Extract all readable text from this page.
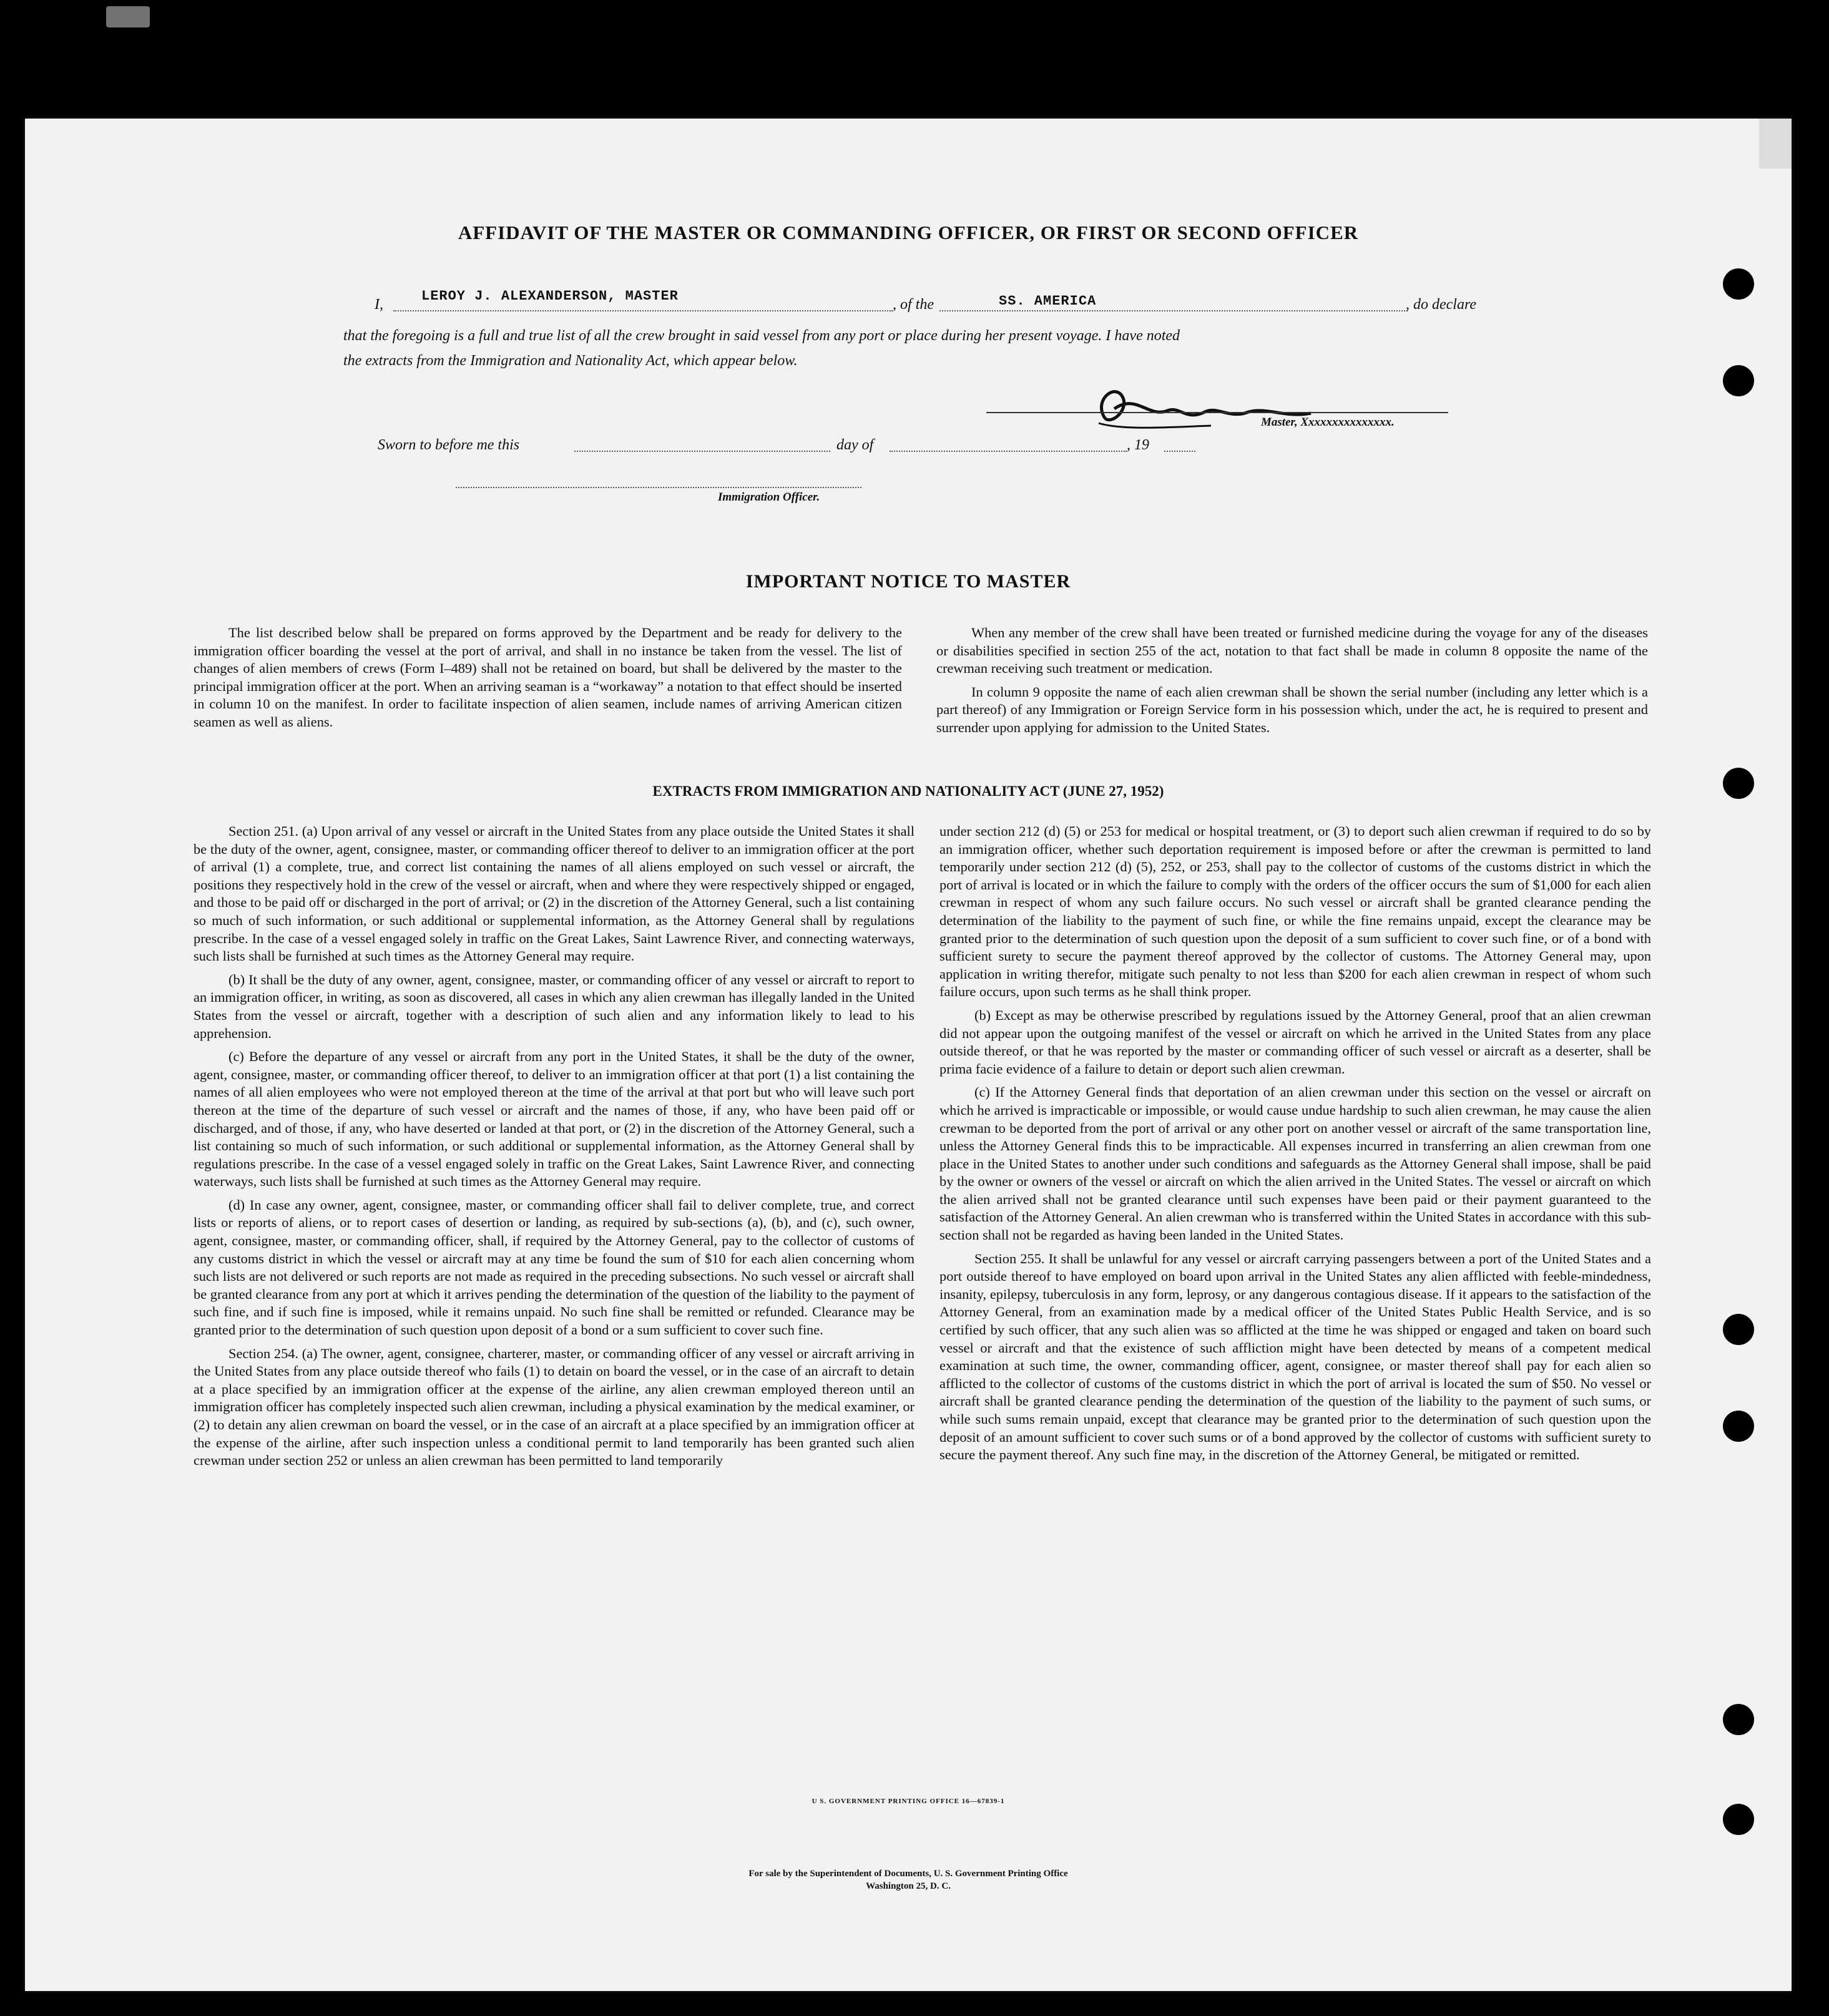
AFFIDAVIT OF THE MASTER OR COMMANDING OFFICER, OR FIRST OR SECOND OFFICER
I,
LEROY J. ALEXANDERSON, MASTER
, of the	SS. AMERICA	, do declare
that the foregoing is a full and true list of all the crew brought in said vessel from any port or place during her present voyage. I have noted
the extracts from the Immigration and Nationality Act, which appear below.
Master, Xxxxxxxxxxxxxxx.
Sworn to before me this	day of	, 19
Immigration Officer.
IMPORTANT NOTICE TO MASTER

The list described below shall be prepared on forms approved by the Department and be ready for delivery to the immigration officer boarding the vessel at the port of arrival, and shall in no instance be taken from the vessel. The list of changes of alien members of crews (Form I–489) shall not be retained on board, but shall be delivered by the master to the principal immigration officer at the port. When an arriving seaman is a “workaway” a notation to that effect should be inserted in column 10 on the manifest. In order to facilitate inspection of alien seamen, include names of arriving American citizen seamen as well as aliens.

When any member of the crew shall have been treated or furnished medicine during the voyage for any of the diseases or disabilities specified in section 255 of the act, notation to that fact shall be made in column 8 opposite the name of the crewman receiving such treatment or medication.

In column 9 opposite the name of each alien crewman shall be shown the serial number (including any letter which is a part thereof) of any Immigration or Foreign Service form in his possession which, under the act, he is required to present and surrender upon applying for admission to the United States.

EXTRACTS FROM IMMIGRATION AND NATIONALITY ACT (JUNE 27, 1952)

Section 251. (a) Upon arrival of any vessel or aircraft in the United States from any place outside the United States it shall be the duty of the owner, agent, consignee, master, or commanding officer thereof to deliver to an immigration officer at the port of arrival (1) a complete, true, and correct list containing the names of all aliens employed on such vessel or aircraft, the positions they respectively hold in the crew of the vessel or aircraft, when and where they were respectively shipped or engaged, and those to be paid off or discharged in the port of arrival; or (2) in the discretion of the Attorney General, such a list containing so much of such information, or such additional or supplemental information, as the Attorney General shall by regulations prescribe. In the case of a vessel engaged solely in traffic on the Great Lakes, Saint Lawrence River, and connecting waterways, such lists shall be furnished at such times as the Attorney General may require.

(b) It shall be the duty of any owner, agent, consignee, master, or commanding officer of any vessel or aircraft to report to an immigration officer, in writing, as soon as discovered, all cases in which any alien crewman has illegally landed in the United States from the vessel or aircraft, together with a description of such alien and any information likely to lead to his apprehension.

(c) Before the departure of any vessel or aircraft from any port in the United States, it shall be the duty of the owner, agent, consignee, master, or commanding officer thereof, to deliver to an immigration officer at that port (1) a list containing the names of all alien employees who were not employed thereon at the time of the arrival at that port but who will leave such port thereon at the time of the departure of such vessel or aircraft and the names of those, if any, who have been paid off or discharged, and of those, if any, who have deserted or landed at that port, or (2) in the discretion of the Attorney General, such a list containing so much of such information, or such additional or supplemental information, as the Attorney General shall by regulations prescribe. In the case of a vessel engaged solely in traffic on the Great Lakes, Saint Lawrence River, and connecting waterways, such lists shall be furnished at such times as the Attorney General may require.

(d) In case any owner, agent, consignee, master, or commanding officer shall fail to deliver complete, true, and correct lists or reports of aliens, or to report cases of desertion or landing, as required by sub-sections (a), (b), and (c), such owner, agent, consignee, master, or commanding officer, shall, if required by the Attorney General, pay to the collector of customs of any customs district in which the vessel or aircraft may at any time be found the sum of $10 for each alien concerning whom such lists are not delivered or such reports are not made as required in the preceding subsections. No such vessel or aircraft shall be granted clearance from any port at which it arrives pending the determination of the question of the liability to the payment of such fine, and if such fine is imposed, while it remains unpaid. No such fine shall be remitted or refunded. Clearance may be granted prior to the determination of such question upon deposit of a bond or a sum sufficient to cover such fine.

Section 254. (a) The owner, agent, consignee, charterer, master, or commanding officer of any vessel or aircraft arriving in the United States from any place outside thereof who fails (1) to detain on board the vessel, or in the case of an aircraft to detain at a place specified by an immigration officer at the expense of the airline, any alien crewman employed thereon until an immigration officer has completely inspected such alien crewman, including a physical examination by the medical examiner, or (2) to detain any alien crewman on board the vessel, or in the case of an aircraft at a place specified by an immigration officer at the expense of the airline, after such inspection unless a conditional permit to land temporarily has been granted such alien crewman under section 252 or unless an alien crewman has been permitted to land temporarily

under section 212 (d) (5) or 253 for medical or hospital treatment, or (3) to deport such alien crewman if required to do so by an immigration officer, whether such deportation requirement is imposed before or after the crewman is permitted to land temporarily under section 212 (d) (5), 252, or 253, shall pay to the collector of customs of the customs district in which the port of arrival is located or in which the failure to comply with the orders of the officer occurs the sum of $1,000 for each alien crewman in respect of whom any such failure occurs. No such vessel or aircraft shall be granted clearance pending the determination of the liability to the payment of such fine, or while the fine remains unpaid, except the clearance may be granted prior to the determination of such question upon the deposit of a sum sufficient to cover such fine, or of a bond with sufficient surety to secure the payment thereof approved by the collector of customs. The Attorney General may, upon application in writing therefor, mitigate such penalty to not less than $200 for each alien crewman in respect of whom such failure occurs, upon such terms as he shall think proper.

(b) Except as may be otherwise prescribed by regulations issued by the Attorney General, proof that an alien crewman did not appear upon the outgoing manifest of the vessel or aircraft on which he arrived in the United States from any place outside thereof, or that he was reported by the master or commanding officer of such vessel or aircraft as a deserter, shall be prima facie evidence of a failure to detain or deport such alien crewman.

(c) If the Attorney General finds that deportation of an alien crewman under this section on the vessel or aircraft on which he arrived is impracticable or impossible, or would cause undue hardship to such alien crewman, he may cause the alien crewman to be deported from the port of arrival or any other port on another vessel or aircraft of the same transportation line, unless the Attorney General finds this to be impracticable. All expenses incurred in transferring an alien crewman from one place in the United States to another under such conditions and safeguards as the Attorney General shall impose, shall be paid by the owner or owners of the vessel or aircraft on which the alien arrived in the United States. The vessel or aircraft on which the alien arrived shall not be granted clearance until such expenses have been paid or their payment guaranteed to the satisfaction of the Attorney General. An alien crewman who is transferred within the United States in accordance with this sub-section shall not be regarded as having been landed in the United States.

Section 255. It shall be unlawful for any vessel or aircraft carrying passengers between a port of the United States and a port outside thereof to have employed on board upon arrival in the United States any alien afflicted with feeble-mindedness, insanity, epilepsy, tuberculosis in any form, leprosy, or any dangerous contagious disease. If it appears to the satisfaction of the Attorney General, from an examination made by a medical officer of the United States Public Health Service, and is so certified by such officer, that any such alien was so afflicted at the time he was shipped or engaged and taken on board such vessel or aircraft and that the existence of such affliction might have been detected by means of a competent medical examination at such time, the owner, commanding officer, agent, consignee, or master thereof shall pay for each alien so afflicted to the collector of customs of the customs district in which the port of arrival is located the sum of $50. No vessel or aircraft shall be granted clearance pending the determination of the question of the liability to the payment of such sums, or while such sums remain unpaid, except that clearance may be granted prior to the determination of such question upon the deposit of an amount sufficient to cover such sums or of a bond approved by the collector of customs with sufficient surety to secure the payment thereof. Any such fine may, in the discretion of the Attorney General, be mitigated or remitted.

U S. GOVERNMENT PRINTING OFFICE 16—67839-1
For sale by the Superintendent of Documents, U. S. Government Printing Office
Washington 25, D. C.
